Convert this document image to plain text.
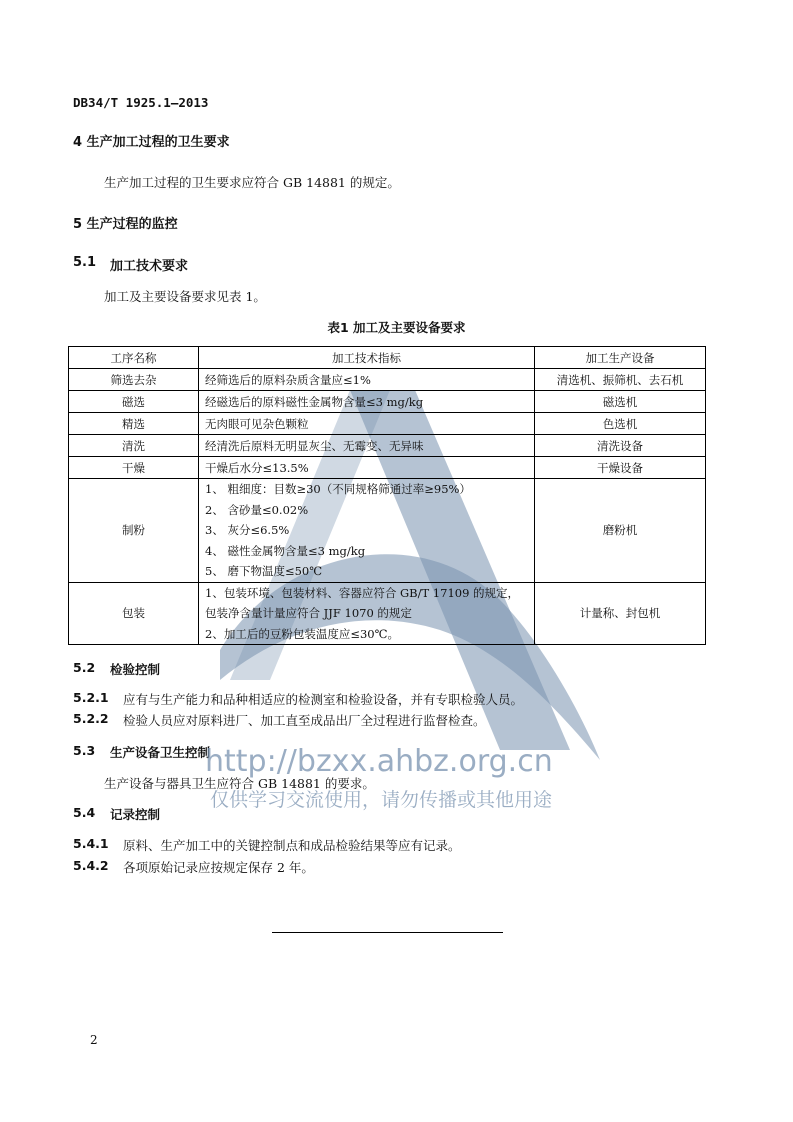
DB34/T 1925.1—2013
4 生产加工过程的卫生要求
生产加工过程的卫生要求应符合 GB 14881 的规定。
5 生产过程的监控
5.1 加工技术要求
加工及主要设备要求见表 1。
表1 加工及主要设备要求
工序名称	加工技术指标	加工生产设备
筛选去杂	经筛选后的原料杂质含量应≤1%	清选机、振筛机、去石机
磁选	经磁选后的原料磁性金属物含量≤3 mg/kg	磁选机
精选	无肉眼可见杂色颗粒	色选机
清洗	经清洗后原料无明显灰尘、无霉变、无异味	清洗设备
干燥	干燥后水分≤13.5%	干燥设备
制粉	1、 粗细度：目数≥30（不同规格筛通过率≥95%）
2、 含砂量≤0.02%
3、 灰分≤6.5%
4、 磁性金属物含量≤3 mg/kg
5、 磨下物温度≤50℃	磨粉机
包装	1、包装环境、包装材料、容器应符合 GB/T 17109 的规定，
包装净含量计量应符合 JJF 1070 的规定
2、加工后的豆粉包装温度应≤30℃。	计量称、封包机
5.2 检验控制
5.2.1 应有与生产能力和品种相适应的检测室和检验设备，并有专职检验人员。
5.2.2 检验人员应对原料进厂、加工直至成品出厂全过程进行监督检查。
5.3 生产设备卫生控制
生产设备与器具卫生应符合 GB 14881 的要求。
5.4 记录控制
5.4.1 原料、生产加工中的关键控制点和成品检验结果等应有记录。
5.4.2 各项原始记录应按规定保存 2 年。
http://bzxx.ahbz.org.cn
仅供学习交流使用，请勿传播或其他用途
2
